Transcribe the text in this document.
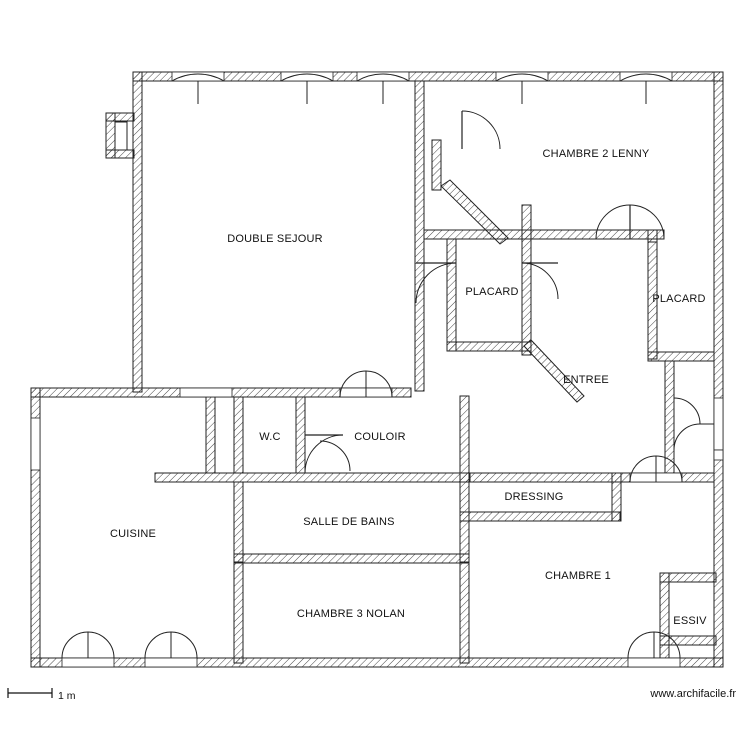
DOUBLE SEJOUR
CHAMBRE 2 LENNY
PLACARD
PLACARD
ENTREE
W.C	COULOIR
DRESSING
CUISINE
SALLE DE BAINS
CHAMBRE 1
CHAMBRE 3 NOLAN
ESSIV
1 m	www.archifacile.fr
